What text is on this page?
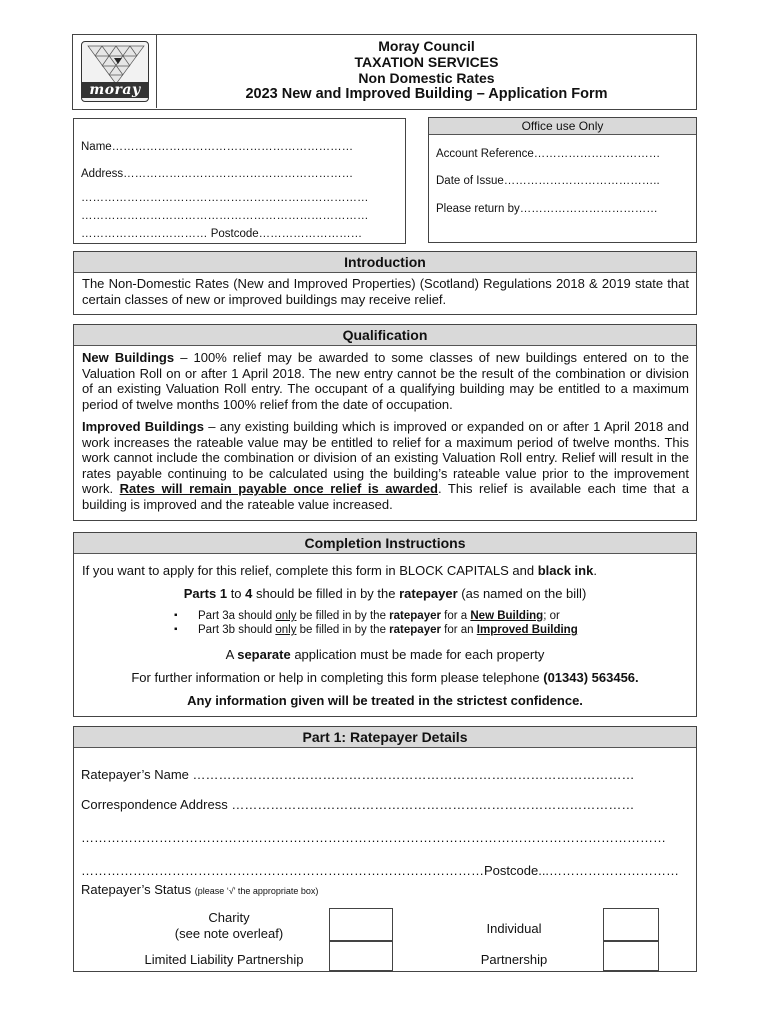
moray
Moray Council
TAXATION SERVICES
Non Domestic Rates
2023 New and Improved Building – Application Form
Name………………………………………………………
Address……………………………………………………
…………………………………………………………………
…………………………………………………………………
…………………………… Postcode………………………
Office use Only
Account Reference……………………………
Date of Issue…………………………………..
Please return by………………………………
Introduction

The Non-Domestic Rates (New and Improved Properties) (Scotland) Regulations 2018 & 2019 state that certain classes of new or improved buildings may receive relief.

Qualification

New Buildings – 100% relief may be awarded to some classes of new buildings entered on to the Valuation Roll on or after 1 April 2018. The new entry cannot be the result of the combination or division of an existing Valuation Roll entry. The occupant of a qualifying building may be entitled to a maximum period of twelve months 100% relief from the date of occupation.

Improved Buildings – any existing building which is improved or expanded on or after 1 April 2018 and work increases the rateable value may be entitled to relief for a maximum period of twelve months. This work cannot include the combination or division of an existing Valuation Roll entry. Relief will result in the rates payable continuing to be calculated using the building’s rateable value prior to the improvement work. Rates will remain payable once relief is awarded. This relief is available each time that a building is improved and the rateable value increased.

Completion Instructions
If you want to apply for this relief, complete this form in BLOCK CAPITALS and black ink.
Parts 1 to 4 should be filled in by the ratepayer (as named on the bill)
▪ Part 3a should only be filled in by the ratepayer for a New Building; or
▪ Part 3b should only be filled in by the ratepayer for an Improved Building
A separate application must be made for each property
For further information or help in completing this form please telephone (01343) 563456.
Any information given will be treated in the strictest confidence.
Part 1: Ratepayer Details
Ratepayer’s Name …………………………………………………………………………………………
Correspondence Address …………………………………………………………………………………
………………………………………………………………………………………………………………………
…………………………………………………………………………………Postcode...…………………………
Ratepayer’s Status (please ‘√’ the appropriate box)
Charity
(see note overleaf)	Individual
Limited Liability Partnership	Partnership
